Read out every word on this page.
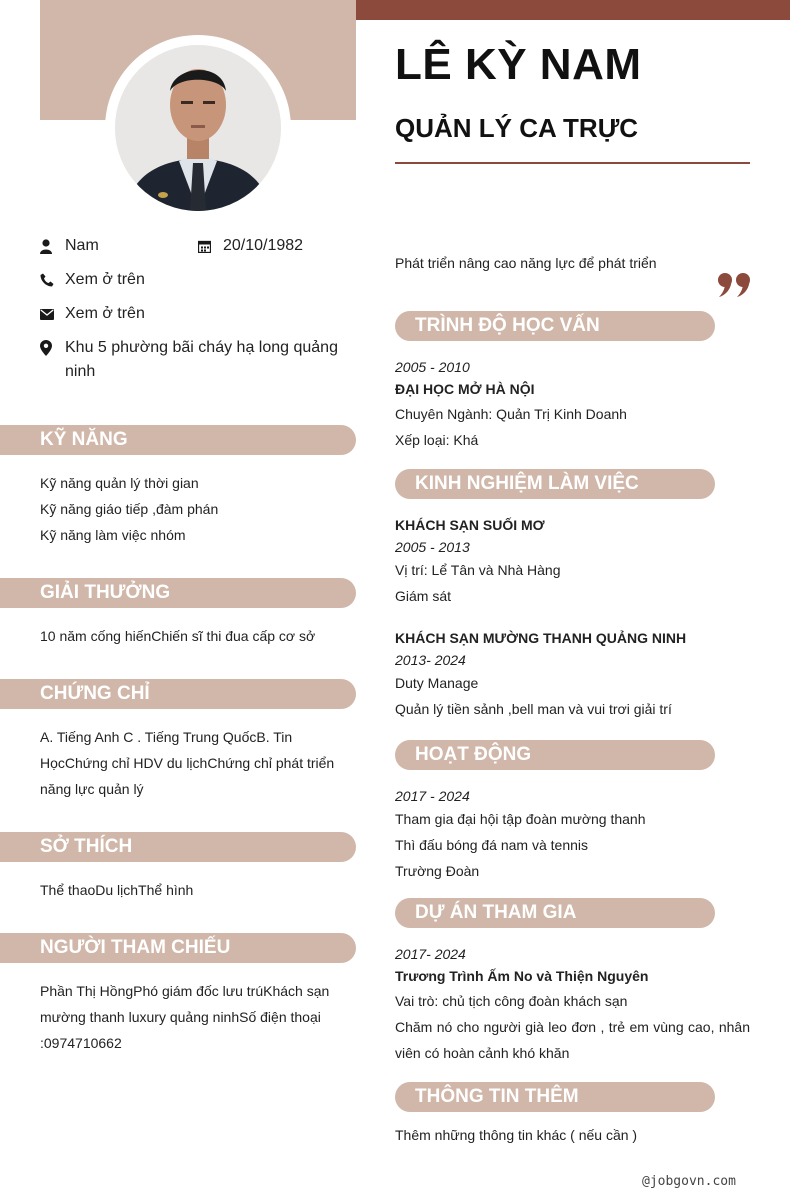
LÊ KỲ NAM
QUẢN LÝ CA TRỰC
Nam	20/10/1982
Xem ở trên
Xem ở trên
Khu 5 phường bãi cháy hạ long quảng ninh
KỸ NĂNG
Kỹ năng quản lý thời gian
Kỹ năng giáo tiếp ,đàm phán
Kỹ năng làm việc nhóm
GIẢI THƯỞNG
10 năm cống hiếnChiến sĩ thi đua cấp cơ sở
CHỨNG CHỈ
A. Tiếng Anh C . Tiếng Trung QuốcB. Tin HọcChứng chỉ HDV du lịchChứng chỉ phát triển năng lực quản lý
SỞ THÍCH
Thể thaoDu lịchThể hình
NGƯỜI THAM CHIẾU
Phần Thị HồngPhó giám đốc lưu trúKhách sạn mường thanh luxury quảng ninhSố điện thoại :0974710662
Phát triển nâng cao năng lực để phát triển
TRÌNH ĐỘ HỌC VẤN
2005 - 2010
ĐẠI HỌC MỞ HÀ NỘI
Chuyên Ngành: Quản Trị Kinh Doanh
Xếp loại: Khá
KINH NGHIỆM LÀM VIỆC
KHÁCH SẠN SUỐI MƠ
2005 - 2013
Vị trí: Lể Tân và Nhà Hàng
Giám sát
KHÁCH SẠN MƯỜNG THANH QUẢNG NINH
2013- 2024
Duty Manage
Quản lý tiền sảnh ,bell man và vui trơi giải trí
HOẠT ĐỘNG
2017 - 2024
Tham gia đại hội tập đoàn mường thanh
Thì đấu bóng đá nam và tennis
Trường Đoàn
DỰ ÁN THAM GIA
2017- 2024
Trương Trình Ấm No và Thiện Nguyên
Vai trò: chủ tịch công đoàn khách sạn
Chăm nó cho người già leo đơn , trẻ em vùng cao, nhân viên có hoàn cảnh khó khăn
THÔNG TIN THÊM
Thêm những thông tin khác ( nếu cần )
@jobgovn.com
